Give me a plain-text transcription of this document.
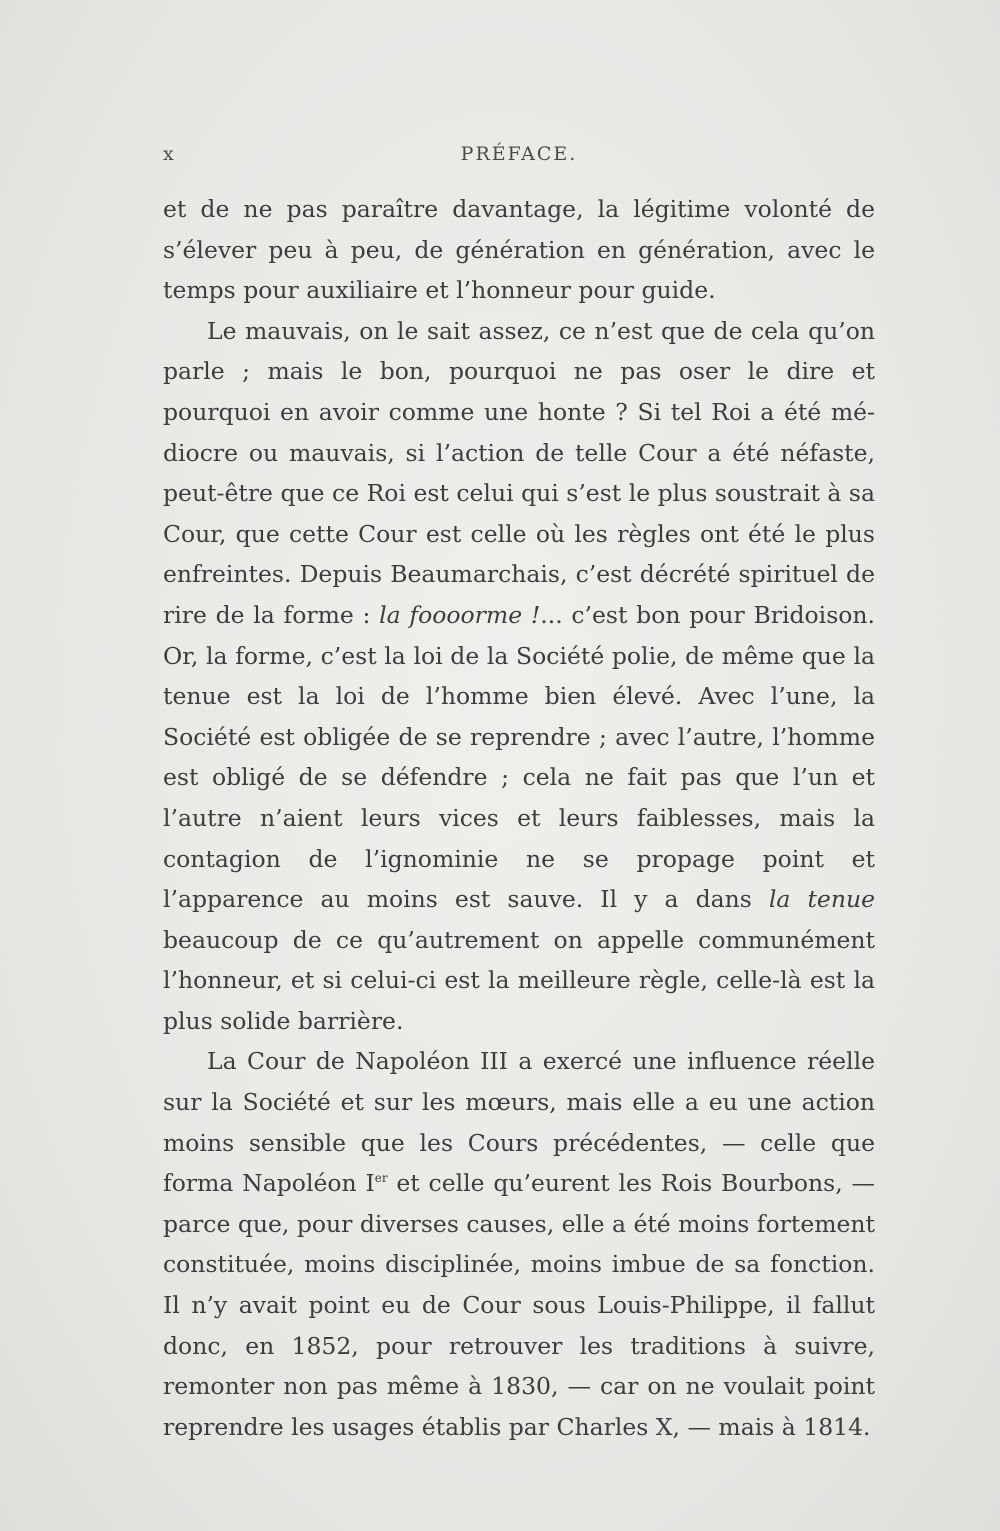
x	PRÉFACE.

et de ne pas paraître davantage, la légitime volonté de s’élever peu à peu, de génération en génération, avec le temps pour auxiliaire et l’honneur pour guide.

Le mauvais, on le sait assez, ce n’est que de cela qu’on parle ; mais le bon, pourquoi ne pas oser le dire et pourquoi en avoir comme une honte ? Si tel Roi a été médiocre ou mauvais, si l’action de telle Cour a été néfaste, peut-être que ce Roi est celui qui s’est le plus soustrait à sa Cour, que cette Cour est celle où les règles ont été le plus enfreintes. Depuis Beaumarchais, c’est décrété spirituel de rire de la forme : la foooorme !... c’est bon pour Bridoison. Or, la forme, c’est la loi de la Société polie, de même que la tenue est la loi de l’homme bien élevé. Avec l’une, la Société est obligée de se reprendre ; avec l’autre, l’homme est obligé de se défendre ; cela ne fait pas que l’un et l’autre n’aient leurs vices et leurs faiblesses, mais la contagion de l’ignominie ne se propage point et l’apparence au moins est sauve. Il y a dans la tenue beaucoup de ce qu’autrement on appelle communément l’honneur, et si celui-ci est la meilleure règle, celle-là est la plus solide barrière.

La Cour de Napoléon III a exercé une influence réelle sur la Société et sur les mœurs, mais elle a eu une action moins sensible que les Cours précédentes, — celle que forma Napoléon Ier et celle qu’eurent les Rois Bourbons, — parce que, pour diverses causes, elle a été moins fortement constituée, moins disciplinée, moins imbue de sa fonction. Il n’y avait point eu de Cour sous Louis-Philippe, il fallut donc, en 1852, pour retrouver les traditions à suivre, remonter non pas même à 1830, — car on ne voulait point reprendre les usages établis par Charles X, — mais à 1814.
